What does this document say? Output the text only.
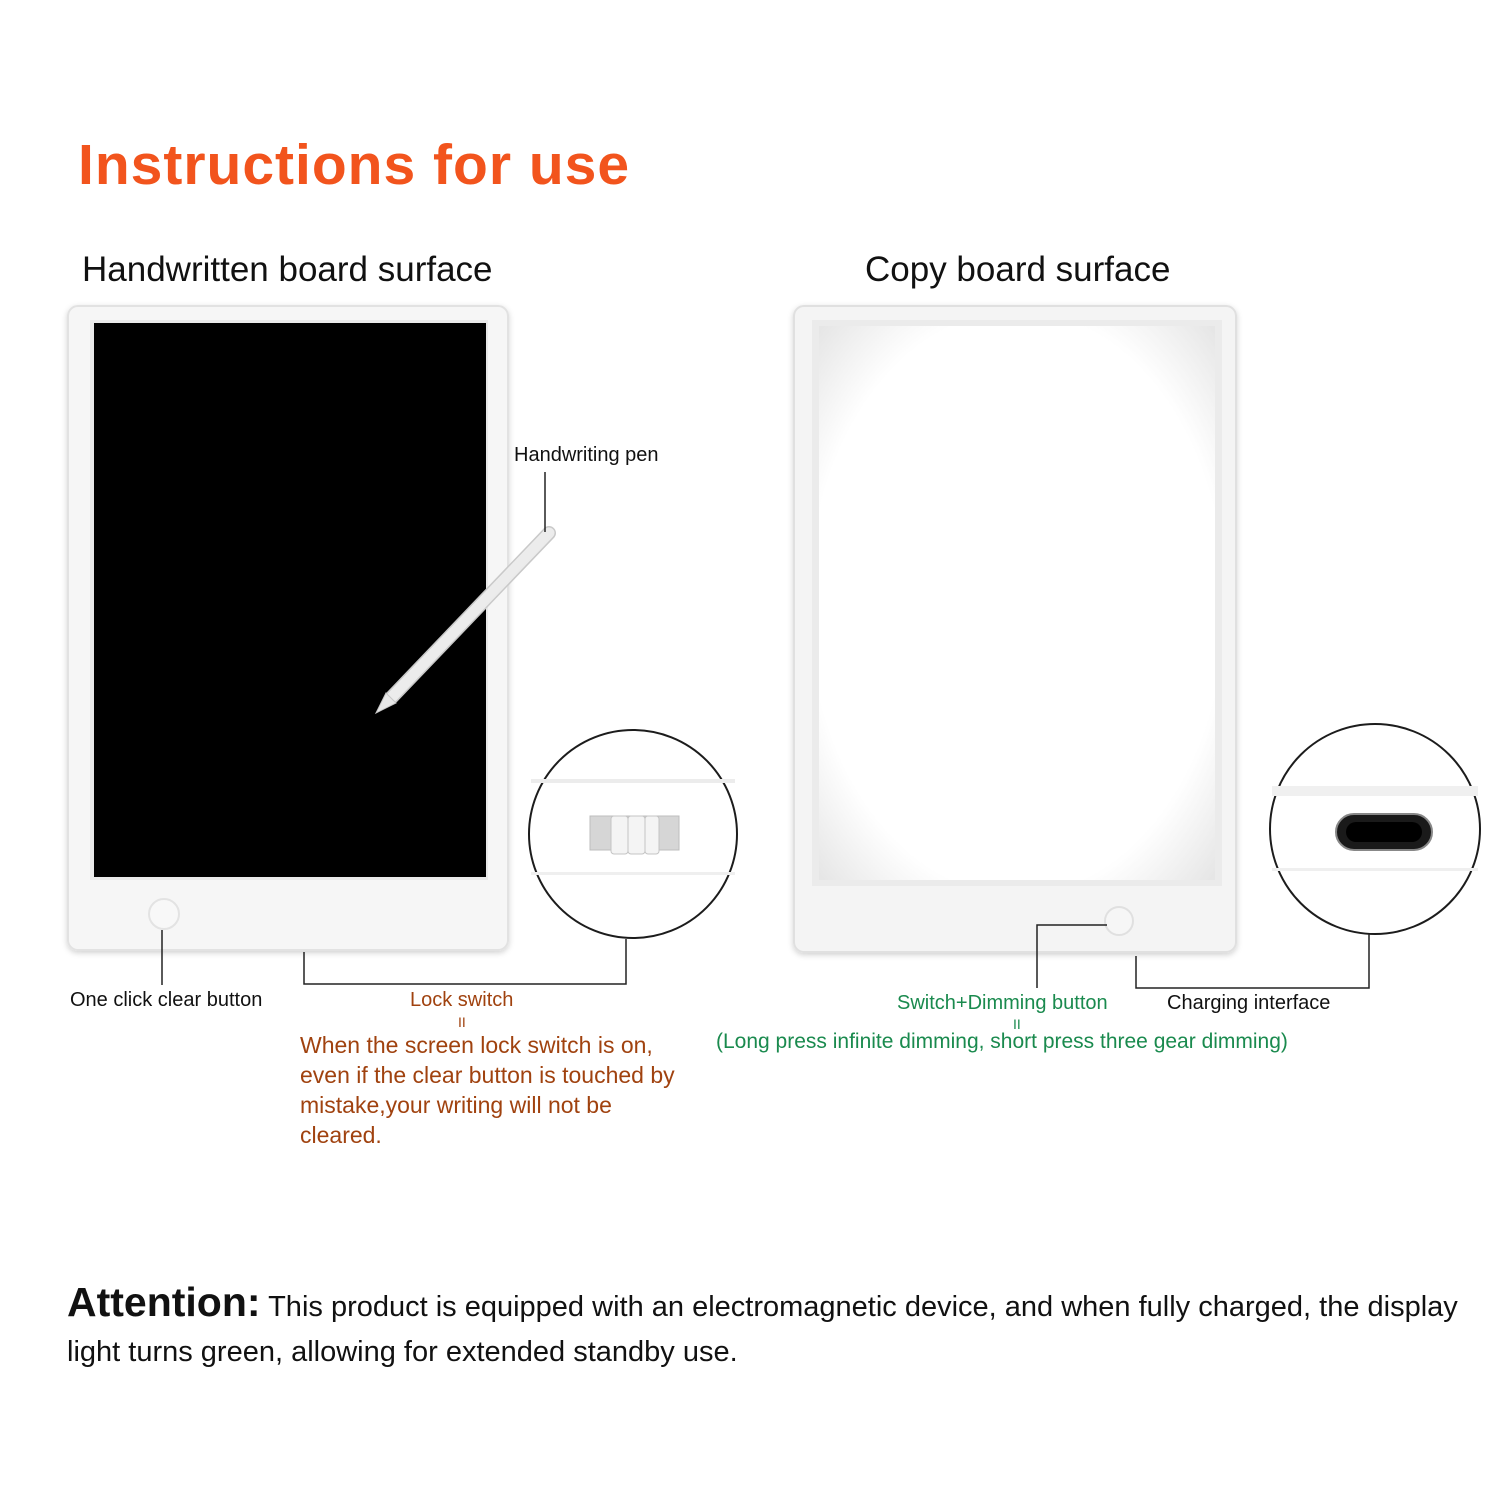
Instructions for use
Handwritten board surface	Copy board surface
Handwriting pen
One click clear button	Lock switch
II
When the screen lock switch is on, even if the clear button is touched by mistake,your writing will not be cleared.
Switch+Dimming button
II
(Long press infinite dimming, short press three gear dimming)
Charging interface
Attention: This product is equipped with an electromagnetic device, and when fully charged, the display light turns green, allowing for extended standby use.
